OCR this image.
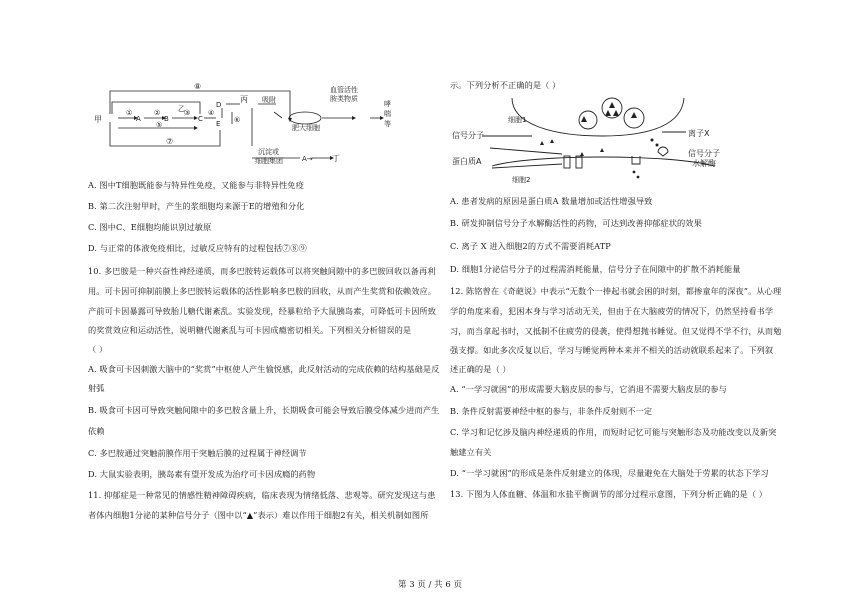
⑧
①	②	③
⑤
④
⑥
⑦
甲	A	B
乙
C
D
E
丙 吸附
肥大细胞
血管活性
胺类物质
哮
喘
等
沉淀或
细胞集团	A→ 丁
A. 图中T细胞既能参与特异性免疫，又能参与非特异性免疫
B. 第二次注射甲时，产生的浆细胞均来源于E的增殖和分化
C. 图中C、E细胞均能识别过敏原
D. 与正常的体液免疫相比，过敏反应特有的过程包括⑦⑧⑨
10. 多巴胺是一种兴奋性神经递质，而多巴胺转运载体可以将突触间隙中的多巴胺回收以备再利
用。可卡因可抑制前膜上多巴胺转运载体的活性影响多巴胺的回收，从而产生奖赏和依赖效应。
产前可卡因暴露可导致胎儿糖代谢紊乱。实验发现，经暴粒给予大鼠胰岛素，可降低可卡因所致
的奖赏效应和运动活性，说明糖代谢紊乱与可卡因成瘾密切相关。下列相关分析错误的是
（ ）
A. 吸食可卡因刺激大脑中的“奖赏”中枢使人产生愉悦感，此反射活动的完成依赖的结构基础是反
射弧
B. 吸食可卡因可导致突触间隙中的多巴胺含量上升，长期吸食可能会导致后膜受体减少进而产生
依赖
C. 多巴胺通过突触前膜作用于突触后膜的过程属于神经调节
D. 大鼠实验表明，胰岛素有望开发成为治疗可卡因成瘾的药物
11. 抑郁症是一种常见的情感性精神障碍疾病，临床表现为情绪低落、悲观等。研究发现这与患
者体内细胞1分泌的某种信号分子（图中以“▲”表示）难以作用于细胞2有关，相关机制如图所
细胞1
细胞2
信号分子
蛋白质A
离子X
信号分子
水解酶
示。下列分析不正确的是（ ）
A. 患者发病的原因是蛋白质A 数量增加或活性增强导致
B. 研发抑制信号分子水解酶活性的药物，可达到改善抑郁症状的效果
C. 离子 X 进入细胞2的方式不需要消耗ATP
D. 细胞1分泌信号分子的过程需消耗能量，信号分子在间隙中的扩散不消耗能量
12. 陈铭曾在《奇葩说》中表示“无数个一捧起书就会困的时刻，都掺童年的深夜”。从心理
学的角度来看，犯困本身与学习活动无关，但由于在大脑疲劳的情况下，仍然坚持看书学
习，而当拿起书时，又抵制不住疲劳的侵袭，使得想抛书睡觉。但又觉得不学不行，从而勉
强支撑。如此多次反复以后，学习与睡觉两种本来并不相关的活动就联系起来了。下列叙
述正确的是（ ）
A. “一学习就困”的形成需要大脑皮层的参与，它消退不需要大脑皮层的参与
B. 条件反射需要神经中枢的参与，非条件反射则不一定
C. 学习和记忆涉及脑内神经递质的作用，而短时记忆可能与突触形态及功能改变以及新突
触建立有关
D. “一学习就困”的形成是条件反射建立的体现，尽量避免在大脑处于劳累的状态下学习
13. 下图为人体血糖、体温和水盐平衡调节的部分过程示意图，下列分析正确的是（ ）
第 3 页 / 共 6 页
